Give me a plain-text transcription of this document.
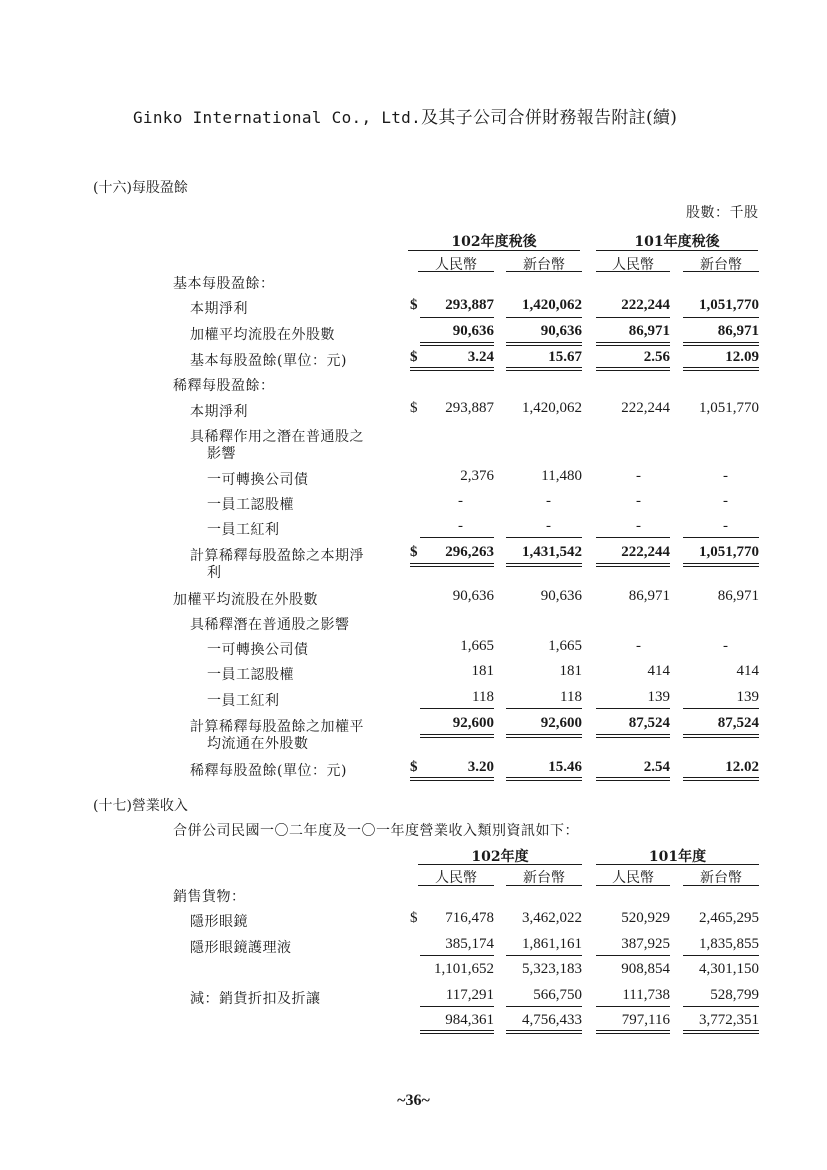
Ginko International Co., Ltd.及其子公司合併財務報告附註(續)
(十六)每股盈餘
股數：千股
102年度稅後	101年度稅後
人民幣	新台幣	人民幣	新台幣
基本每股盈餘：
本期淨利	$	293,887	1,420,062	222,244	1,051,770
加權平均流股在外股數	90,636	90,636	86,971	86,971
基本每股盈餘(單位：元)	$	3.24	15.67	2.56	12.09
稀釋每股盈餘：
本期淨利	$	293,887	1,420,062	222,244	1,051,770
具稀釋作用之潛在普通股之
影響
一可轉換公司債	2,376	11,480	-	-
一員工認股權	-	-	-	-
一員工紅利	-	-	-	-
計算稀釋每股盈餘之本期淨
利
$	296,263	1,431,542	222,244	1,051,770
加權平均流股在外股數	90,636	90,636	86,971	86,971
具稀釋潛在普通股之影響
一可轉換公司債	1,665	1,665	-	-
一員工認股權	181	181	414	414
一員工紅利	118	118	139	139
計算稀釋每股盈餘之加權平
均流通在外股數
92,600	92,600	87,524	87,524
稀釋每股盈餘(單位：元)	$	3.20	15.46	2.54	12.02
(十七)營業收入
合併公司民國一〇二年度及一〇一年度營業收入類別資訊如下：
102年度	101年度
人民幣	新台幣	人民幣	新台幣
銷售貨物：
隱形眼鏡	$	716,478	3,462,022	520,929	2,465,295
隱形眼鏡護理液	385,174	1,861,161	387,925	1,835,855
1,101,652	5,323,183	908,854	4,301,150
減：銷貨折扣及折讓	117,291	566,750	111,738	528,799
984,361	4,756,433	797,116	3,772,351
~36~
